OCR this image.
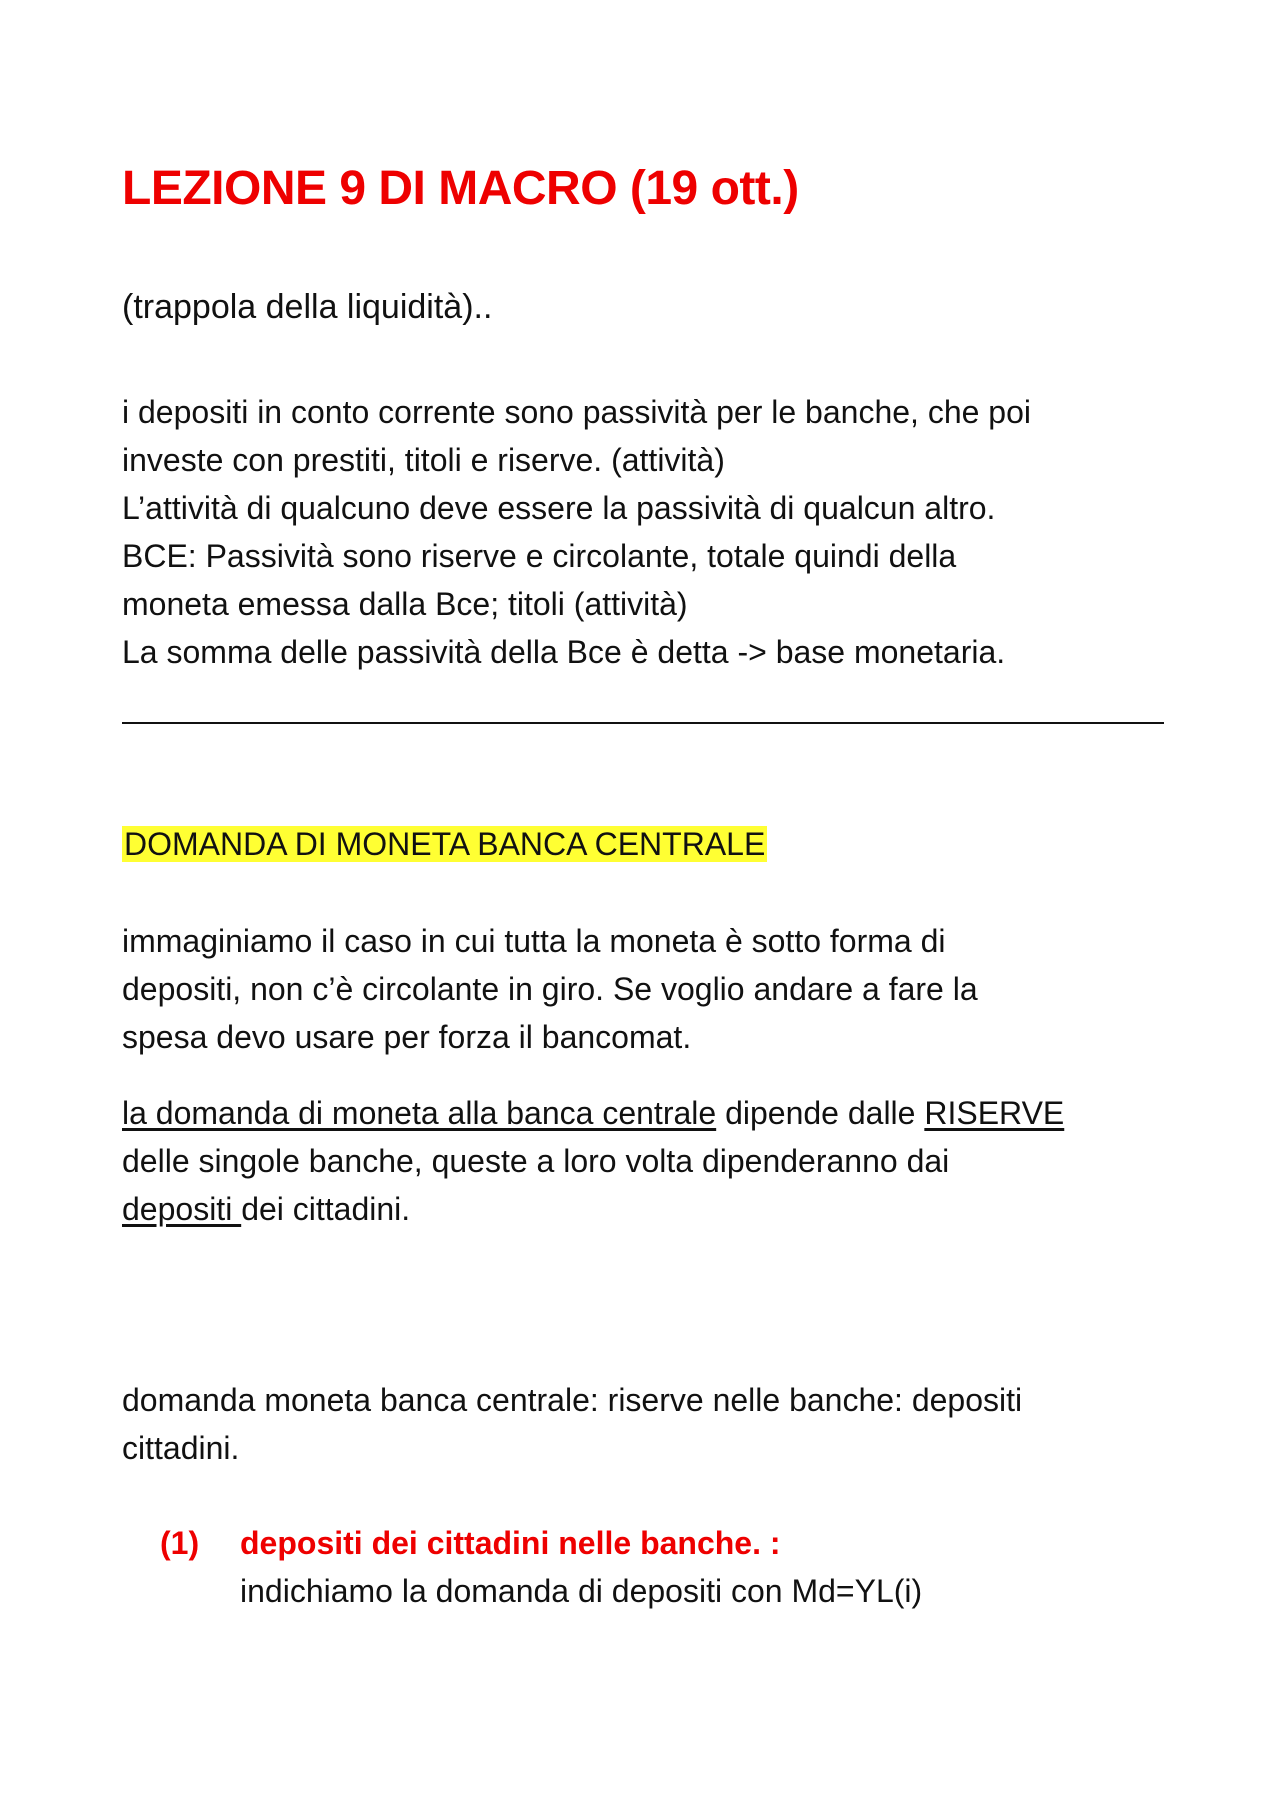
LEZIONE 9 DI MACRO (19 ott.)

(trappola della liquidità)..

i depositi in conto corrente sono passività per le banche, che poi
investe con prestiti, titoli e riserve. (attività)
L’attività di qualcuno deve essere la passività di qualcun altro.
BCE: Passività sono riserve e circolante, totale quindi della
moneta emessa dalla Bce; titoli (attività)
La somma delle passività della Bce è detta -> base monetaria.

DOMANDA DI MONETA BANCA CENTRALE

immaginiamo il caso in cui tutta la moneta è sotto forma di
depositi, non c’è circolante in giro. Se voglio andare a fare la
spesa devo usare per forza il bancomat.

la domanda di moneta alla banca centrale dipende dalle RISERVE
delle singole banche, queste a loro volta dipenderanno dai
depositi dei cittadini.

domanda moneta banca centrale: riserve nelle banche: depositi
cittadini.

(1) depositi dei cittadini nelle banche. :
indichiamo la domanda di depositi con Md=YL(i)
